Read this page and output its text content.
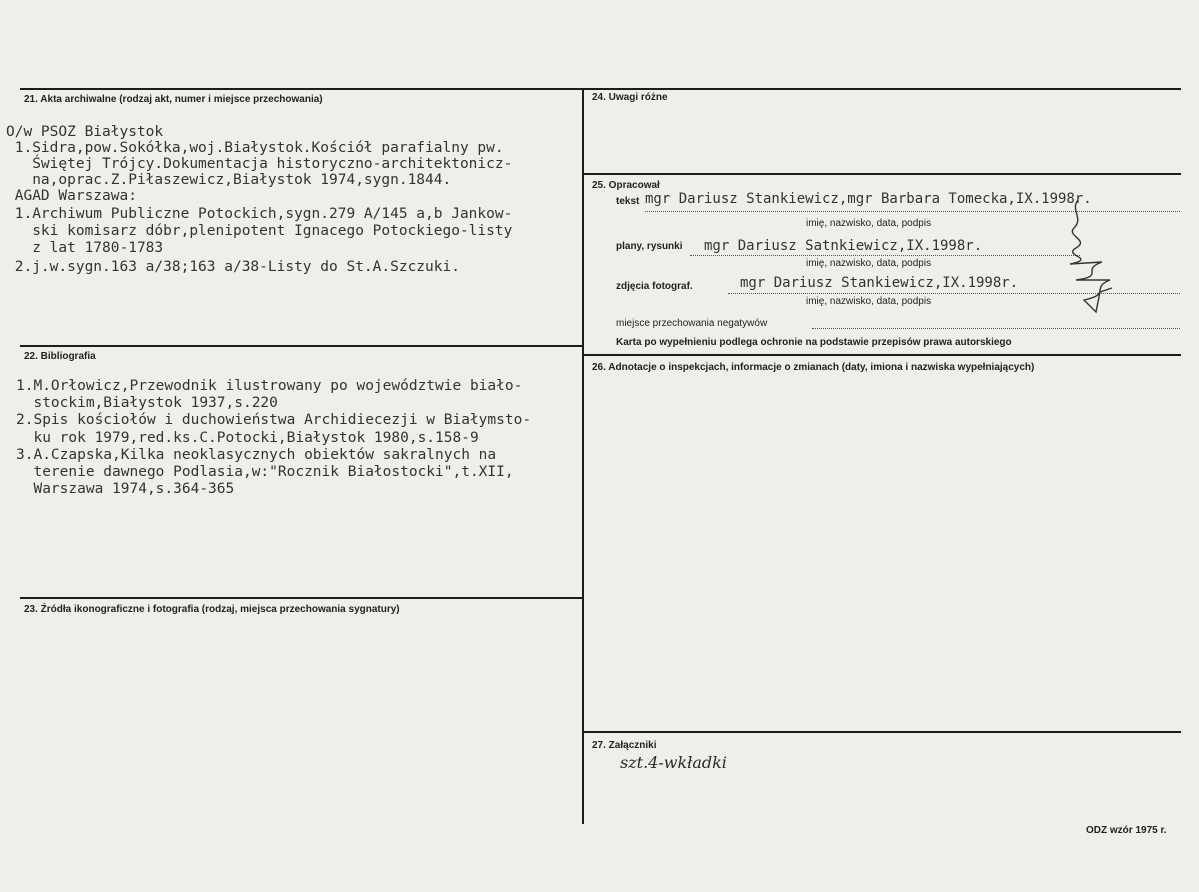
21. Akta archiwalne (rodzaj akt, numer i miejsce przechowania)
O/w PSOZ Białystok
1.Sidra,pow.Sokółka,woj.Białystok.Kościół parafialny pw.
Świętej Trójcy.Dokumentacja historyczno-architektonicz-
na,oprac.Z.Piłaszewicz,Białystok 1974,sygn.1844.
AGAD Warszawa:
1.Archiwum Publiczne Potockich,sygn.279 A/145 a,b Jankow-
ski komisarz dóbr,plenipotent Ignacego Potockiego-listy
z lat 1780-1783
2.j.w.sygn.163 a/38;163 a/38-Listy do St.A.Szczuki.
22. Bibliografia
1.M.Orłowicz,Przewodnik ilustrowany po województwie biało-
stockim,Białystok 1937,s.220
2.Spis kościołów i duchowieństwa Archidiecezji w Białymsto-
ku rok 1979,red.ks.C.Potocki,Białystok 1980,s.158-9
3.A.Czapska,Kilka neoklasycznych obiektów sakralnych na
terenie dawnego Podlasia,w:"Rocznik Białostocki",t.XII,
Warszawa 1974,s.364-365
23. Źródła ikonograficzne i fotografia (rodzaj, miejsca przechowania sygnatury)
24. Uwagi różne
25. Opracował
tekst mgr Dariusz Stankiewicz,mgr Barbara Tomecka,IX.1998r.
imię, nazwisko, data, podpis
plany, rysunki mgr Dariusz Satnkiewicz,IX.1998r.
imię, nazwisko, data, podpis
zdjęcia fotograf.	mgr Dariusz Stankiewicz,IX.1998r.
imię, nazwisko, data, podpis
miejsce przechowania negatywów
Karta po wypełnieniu podlega ochronie na podstawie przepisów prawa autorskiego
26. Adnotacje o inspekcjach, informacje o zmianach (daty, imiona i nazwiska wypełniających)
27. Załączniki
szt.4-wkładki
ODZ wzór 1975 r.
